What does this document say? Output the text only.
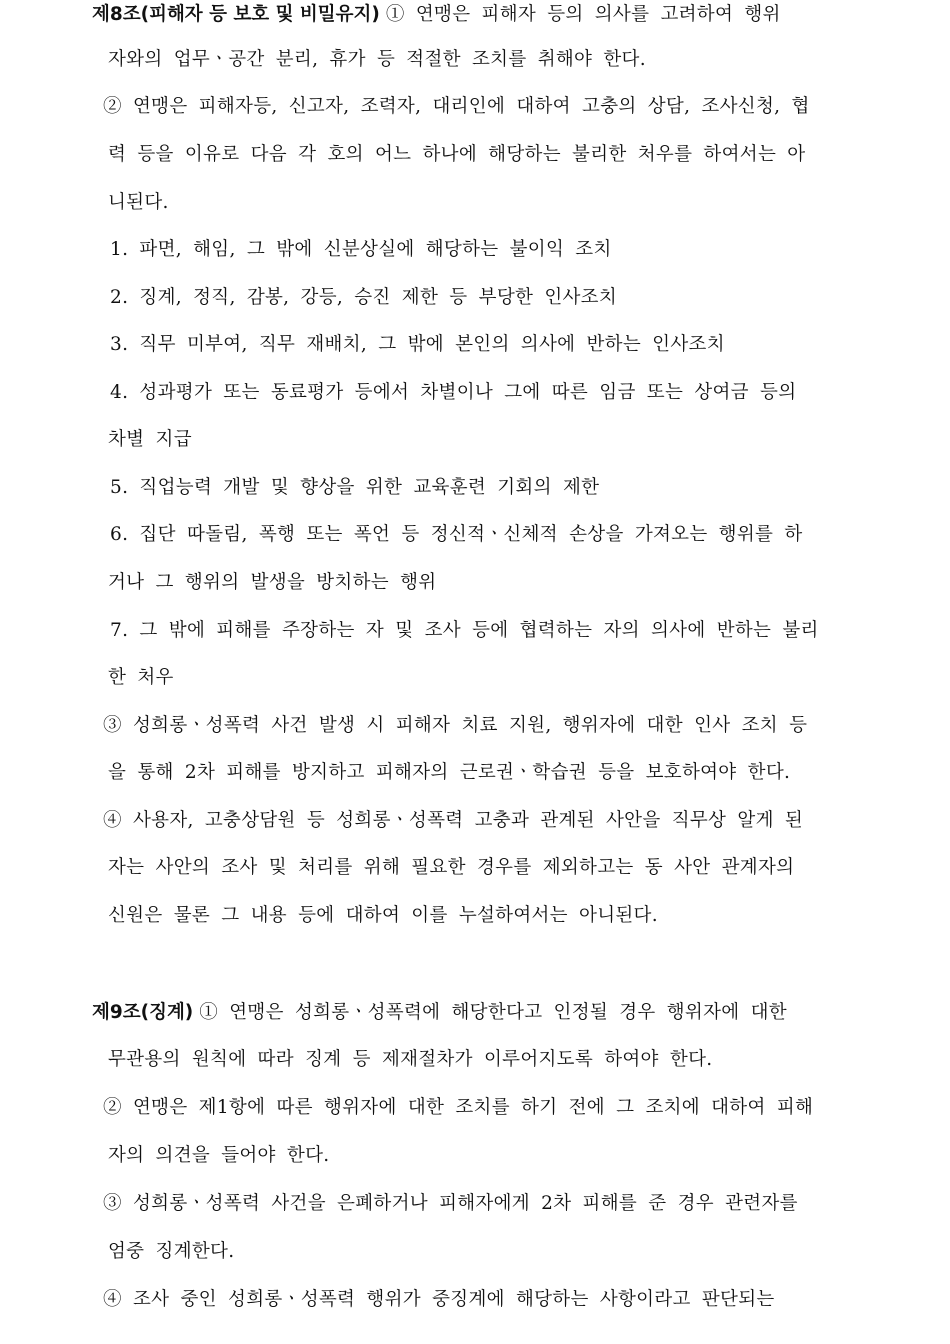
제8조(피해자 등 보호 및 비밀유지) ① 연맹은 피해자 등의 의사를 고려하여 행위
자와의 업무ㆍ공간 분리, 휴가 등 적절한 조치를 취해야 한다.
② 연맹은 피해자등, 신고자, 조력자, 대리인에 대하여 고충의 상담, 조사신청, 협
력 등을 이유로 다음 각 호의 어느 하나에 해당하는 불리한 처우를 하여서는 아
니된다.
1. 파면, 해임, 그 밖에 신분상실에 해당하는 불이익 조치
2. 징계, 정직, 감봉, 강등, 승진 제한 등 부당한 인사조치
3. 직무 미부여, 직무 재배치, 그 밖에 본인의 의사에 반하는 인사조치
4. 성과평가 또는 동료평가 등에서 차별이나 그에 따른 임금 또는 상여금 등의
차별 지급
5. 직업능력 개발 및 향상을 위한 교육훈련 기회의 제한
6. 집단 따돌림, 폭행 또는 폭언 등 정신적ㆍ신체적 손상을 가져오는 행위를 하
거나 그 행위의 발생을 방치하는 행위
7. 그 밖에 피해를 주장하는 자 및 조사 등에 협력하는 자의 의사에 반하는 불리
한 처우
③ 성희롱ㆍ성폭력 사건 발생 시 피해자 치료 지원, 행위자에 대한 인사 조치 등
을 통해 2차 피해를 방지하고 피해자의 근로권ㆍ학습권 등을 보호하여야 한다.
④ 사용자, 고충상담원 등 성희롱ㆍ성폭력 고충과 관계된 사안을 직무상 알게 된
자는 사안의 조사 및 처리를 위해 필요한 경우를 제외하고는 동 사안 관계자의
신원은 물론 그 내용 등에 대하여 이를 누설하여서는 아니된다.
제9조(징계) ① 연맹은 성희롱ㆍ성폭력에 해당한다고 인정될 경우 행위자에 대한
무관용의 원칙에 따라 징계 등 제재절차가 이루어지도록 하여야 한다.
② 연맹은 제1항에 따른 행위자에 대한 조치를 하기 전에 그 조치에 대하여 피해
자의 의견을 들어야 한다.
③ 성희롱ㆍ성폭력 사건을 은폐하거나 피해자에게 2차 피해를 준 경우 관련자를
엄중 징계한다.
④ 조사 중인 성희롱ㆍ성폭력 행위가 중징계에 해당하는 사항이라고 판단되는
